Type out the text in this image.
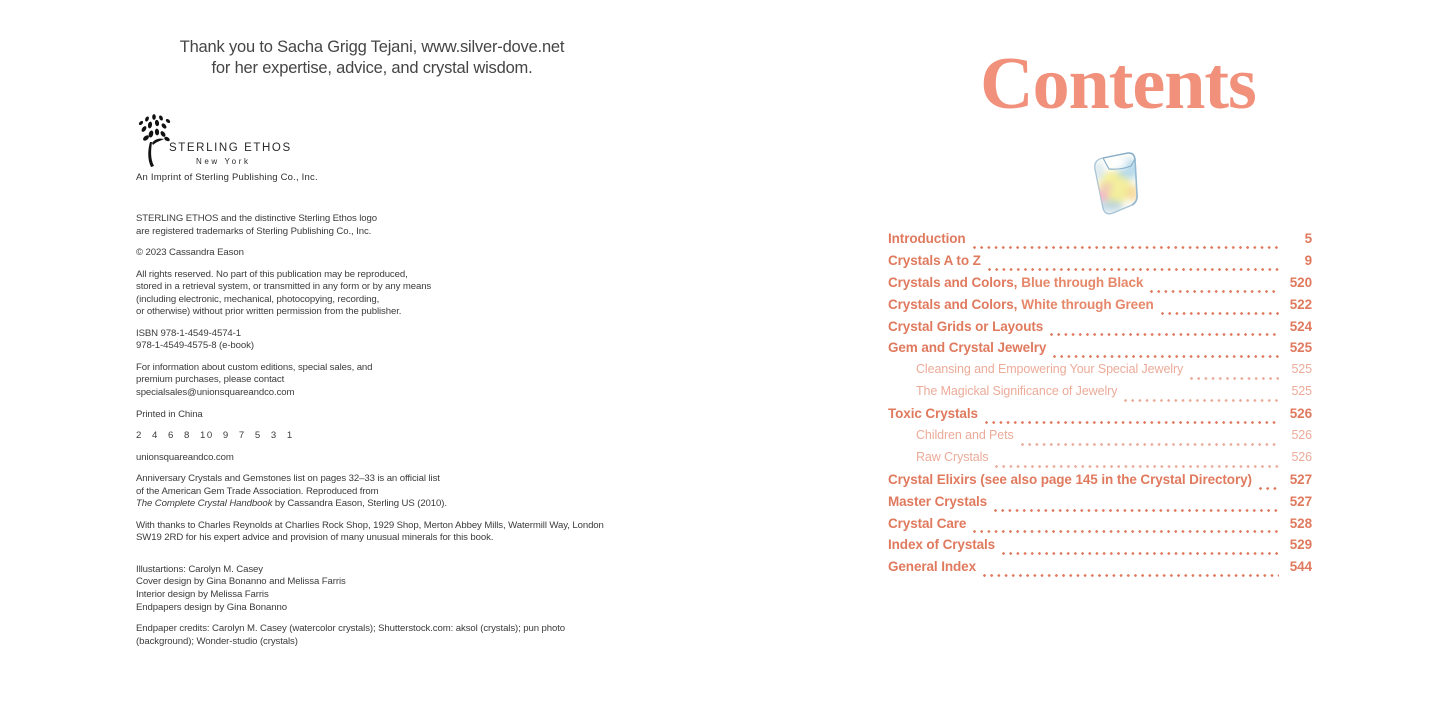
Thank you to Sacha Grigg Tejani, www.silver-dove.net
for her expertise, advice, and crystal wisdom.
STERLING ETHOS
New York
An Imprint of Sterling Publishing Co., Inc.
STERLING ETHOS and the distinctive Sterling Ethos logo
are registered trademarks of Sterling Publishing Co., Inc.
© 2023 Cassandra Eason
All rights reserved. No part of this publication may be reproduced,
stored in a retrieval system, or transmitted in any form or by any means
(including electronic, mechanical, photocopying, recording,
or otherwise) without prior written permission from the publisher.
ISBN 978-1-4549-4574-1
978-1-4549-4575-8 (e-book)
For information about custom editions, special sales, and
premium purchases, please contact
specialsales@unionsquareandco.com
Printed in China
2 4 6 8 10 9 7 5 3 1
unionsquareandco.com
Anniversary Crystals and Gemstones list on pages 32–33 is an official list
of the American Gem Trade Association. Reproduced from
The Complete Crystal Handbook by Cassandra Eason, Sterling US (2010).
With thanks to Charles Reynolds at Charlies Rock Shop, 1929 Shop, Merton Abbey Mills, Watermill Way, London
SW19 2RD for his expert advice and provision of many unusual minerals for this book.
Illustartions: Carolyn M. Casey
Cover design by Gina Bonanno and Melissa Farris
Interior design by Melissa Farris
Endpapers design by Gina Bonanno
Endpaper credits: Carolyn M. Casey (watercolor crystals); Shutterstock.com: aksol (crystals); pun photo
(background); Wonder-studio (crystals)
Contents
Introduction	5
Crystals A to Z	9
Crystals and Colors, Blue through Black	520
Crystals and Colors, White through Green	522
Crystal Grids or Layouts	524
Gem and Crystal Jewelry	525
Cleansing and Empowering Your Special Jewelry	525
The Magickal Significance of Jewelry	525
Toxic Crystals	526
Children and Pets	526
Raw Crystals	526
Crystal Elixirs (see also page 145 in the Crystal Directory)	527
Master Crystals	527
Crystal Care	528
Index of Crystals	529
General Index	544
